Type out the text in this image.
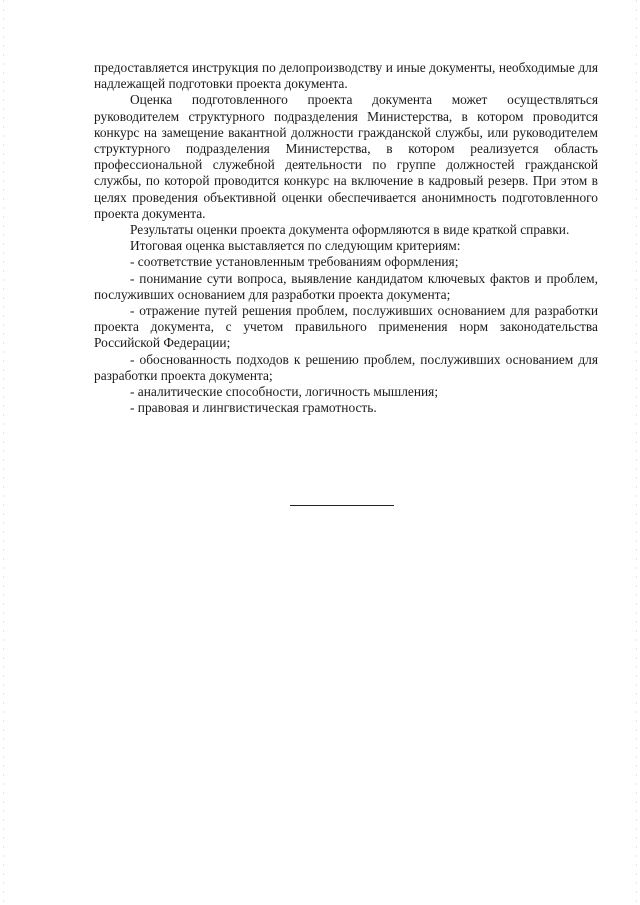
предоставляется инструкция по делопроизводству и иные документы, необходимые для надлежащей подготовки проекта документа.

Оценка подготовленного проекта документа может осуществляться руководителем структурного подразделения Министерства, в котором проводится конкурс на замещение вакантной должности гражданской службы, или руководителем структурного подразделения Министерства, в котором реализуется область профессиональной служебной деятельности по группе должностей гражданской службы, по которой проводится конкурс на включение в кадровый резерв. При этом в целях проведения объективной оценки обеспечивается анонимность подготовленного проекта документа.

Результаты оценки проекта документа оформляются в виде краткой справки.

Итоговая оценка выставляется по следующим критериям:

- соответствие установленным требованиям оформления;

- понимание сути вопроса, выявление кандидатом ключевых фактов и проблем, послуживших основанием для разработки проекта документа;

- отражение путей решения проблем, послуживших основанием для разработки проекта документа, с учетом правильного применения норм законодательства Российской Федерации;

- обоснованность подходов к решению проблем, послуживших основанием для разработки проекта документа;

- аналитические способности, логичность мышления;

- правовая и лингвистическая грамотность.
